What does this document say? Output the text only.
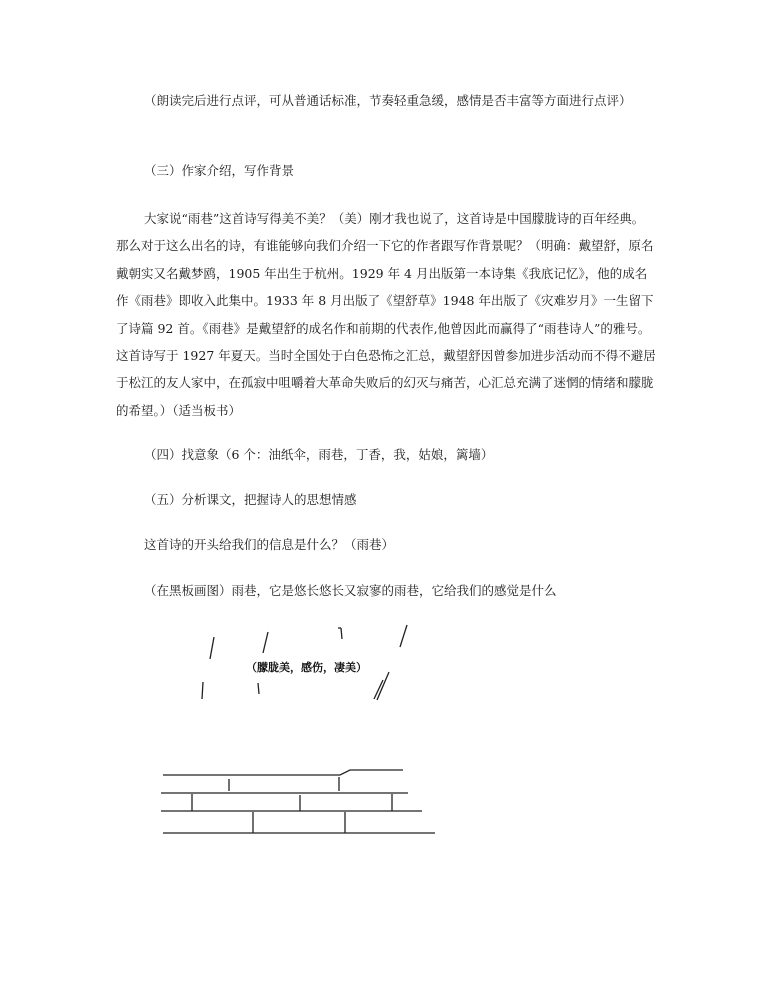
（朗读完后进行点评，可从普通话标准，节奏轻重急缓，感情是否丰富等方面进行点评）

（三）作家介绍，写作背景

大家说“雨巷”这首诗写得美不美？（美）刚才我也说了，这首诗是中国朦胧诗的百年经典。那么对于这么出名的诗，有谁能够向我们介绍一下它的作者跟写作背景呢？（明确：戴望舒，原名戴朝实又名戴梦鸥，1905 年出生于杭州。1929 年 4 月出版第一本诗集《我底记忆》，他的成名作《雨巷》即收入此集中。1933 年 8 月出版了《望舒草》1948 年出版了《灾难岁月》一生留下了诗篇 92 首。《雨巷》是戴望舒的成名作和前期的代表作,他曾因此而赢得了“雨巷诗人”的雅号。这首诗写于 1927 年夏天。当时全国处于白色恐怖之汇总，戴望舒因曾参加进步活动而不得不避居于松江的友人家中，在孤寂中咀嚼着大革命失败后的幻灭与痛苦，心汇总充满了迷惘的情绪和朦胧的希望。）（适当板书）

（四）找意象（6 个：油纸伞，雨巷，丁香，我，姑娘，篱墙）

（五）分析课文，把握诗人的思想情感

这首诗的开头给我们的信息是什么？（雨巷）

（在黑板画图）雨巷，它是悠长悠长又寂寥的雨巷，它给我们的感觉是什么

（朦胧美，感伤，凄美）
